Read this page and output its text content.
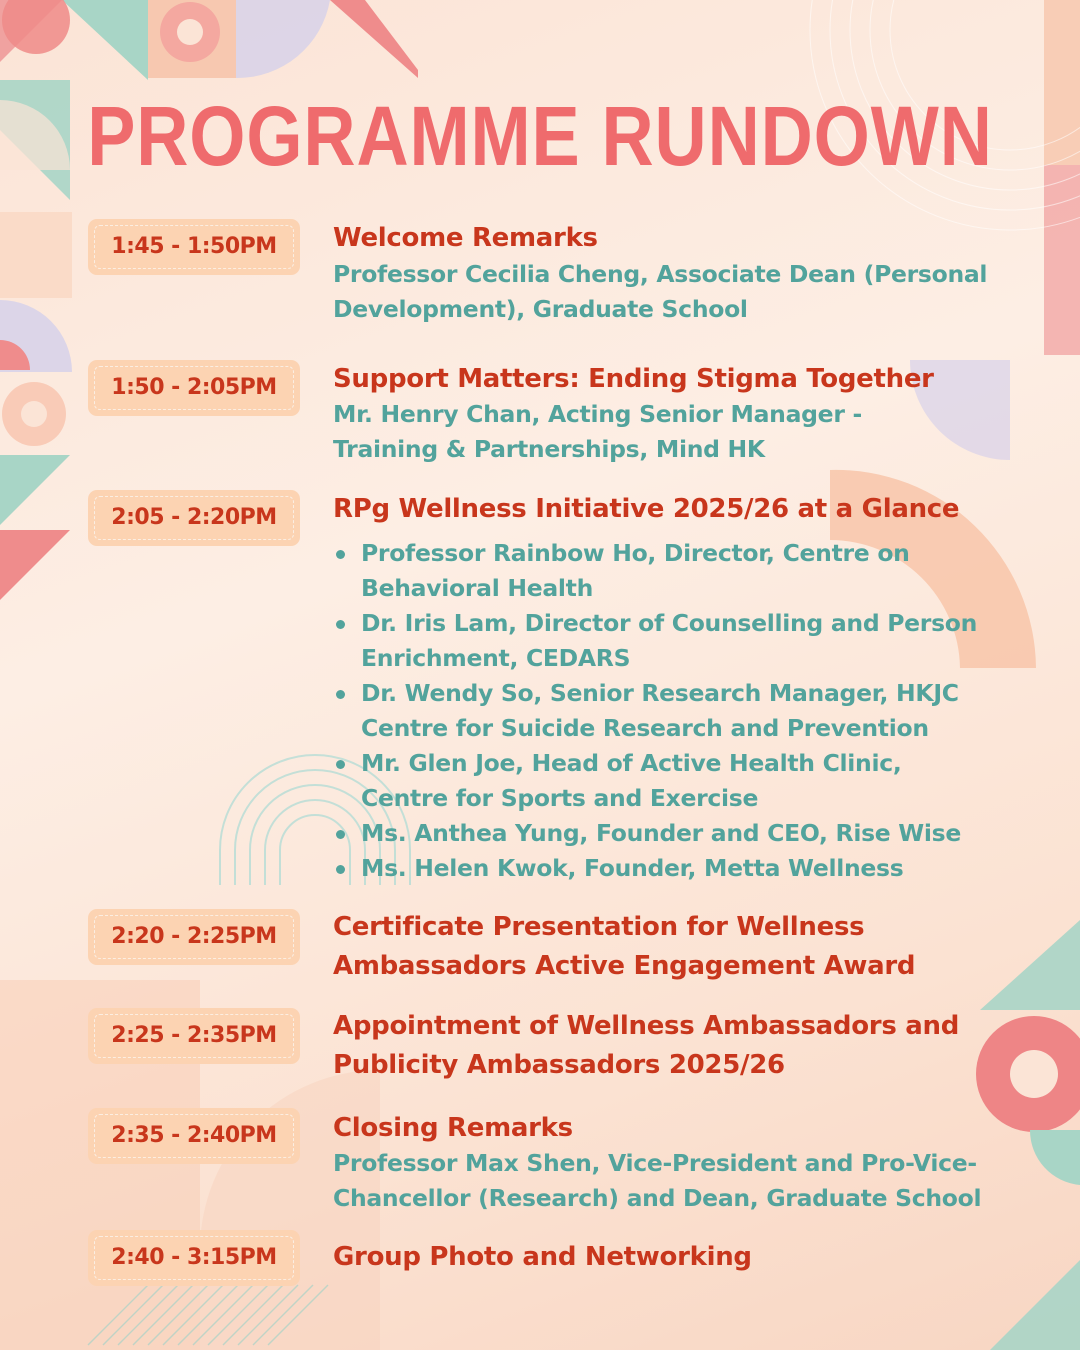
PROGRAMME RUNDOWN
1:45 - 1:50PM	Welcome Remarks
Professor Cecilia Cheng, Associate Dean (Personal Development), Graduate School
1:50 - 2:05PM	Support Matters: Ending Stigma Together
Mr. Henry Chan, Acting Senior Manager - Training & Partnerships, Mind HK
2:05 - 2:20PM	RPg Wellness Initiative 2025/26 at a Glance
Professor Rainbow Ho, Director, Centre on Behavioral Health
Dr. Iris Lam, Director of Counselling and Person Enrichment, CEDARS
Dr. Wendy So, Senior Research Manager, HKJC Centre for Suicide Research and Prevention
Mr. Glen Joe, Head of Active Health Clinic, Centre for Sports and Exercise
Ms. Anthea Yung, Founder and CEO, Rise Wise
Ms. Helen Kwok, Founder, Metta Wellness
2:20 - 2:25PM	Certificate Presentation for Wellness Ambassadors Active Engagement Award
2:25 - 2:35PM	Appointment of Wellness Ambassadors and Publicity Ambassadors 2025/26
2:35 - 2:40PM	Closing Remarks
Professor Max Shen, Vice-President and Pro-Vice-Chancellor (Research) and Dean, Graduate School
2:40 - 3:15PM	Group Photo and Networking
